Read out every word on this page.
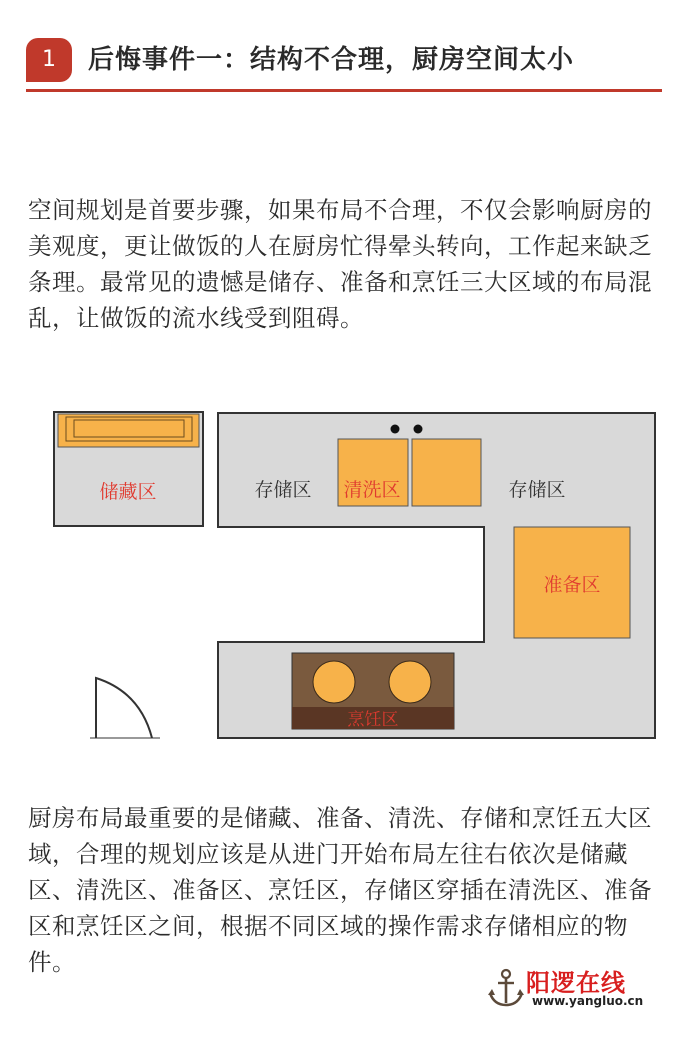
1	后悔事件一：结构不合理，厨房空间太小
空间规划是首要步骤，如果布局不合理，不仅会影响厨房的美观度，更让做饭的人在厨房忙得晕头转向，工作起来缺乏条理。最常见的遗憾是储存、准备和烹饪三大区域的布局混乱，让做饭的流水线受到阻碍。
储藏区	存储区 清洗区	存储区
准备区
烹饪区
厨房布局最重要的是储藏、准备、清洗、存储和烹饪五大区域，合理的规划应该是从进门开始布局左往右依次是储藏区、清洗区、准备区、烹饪区，存储区穿插在清洗区、准备区和烹饪区之间，根据不同区域的操作需求存储相应的物件。
阳逻在线
www.yangluo.cn
